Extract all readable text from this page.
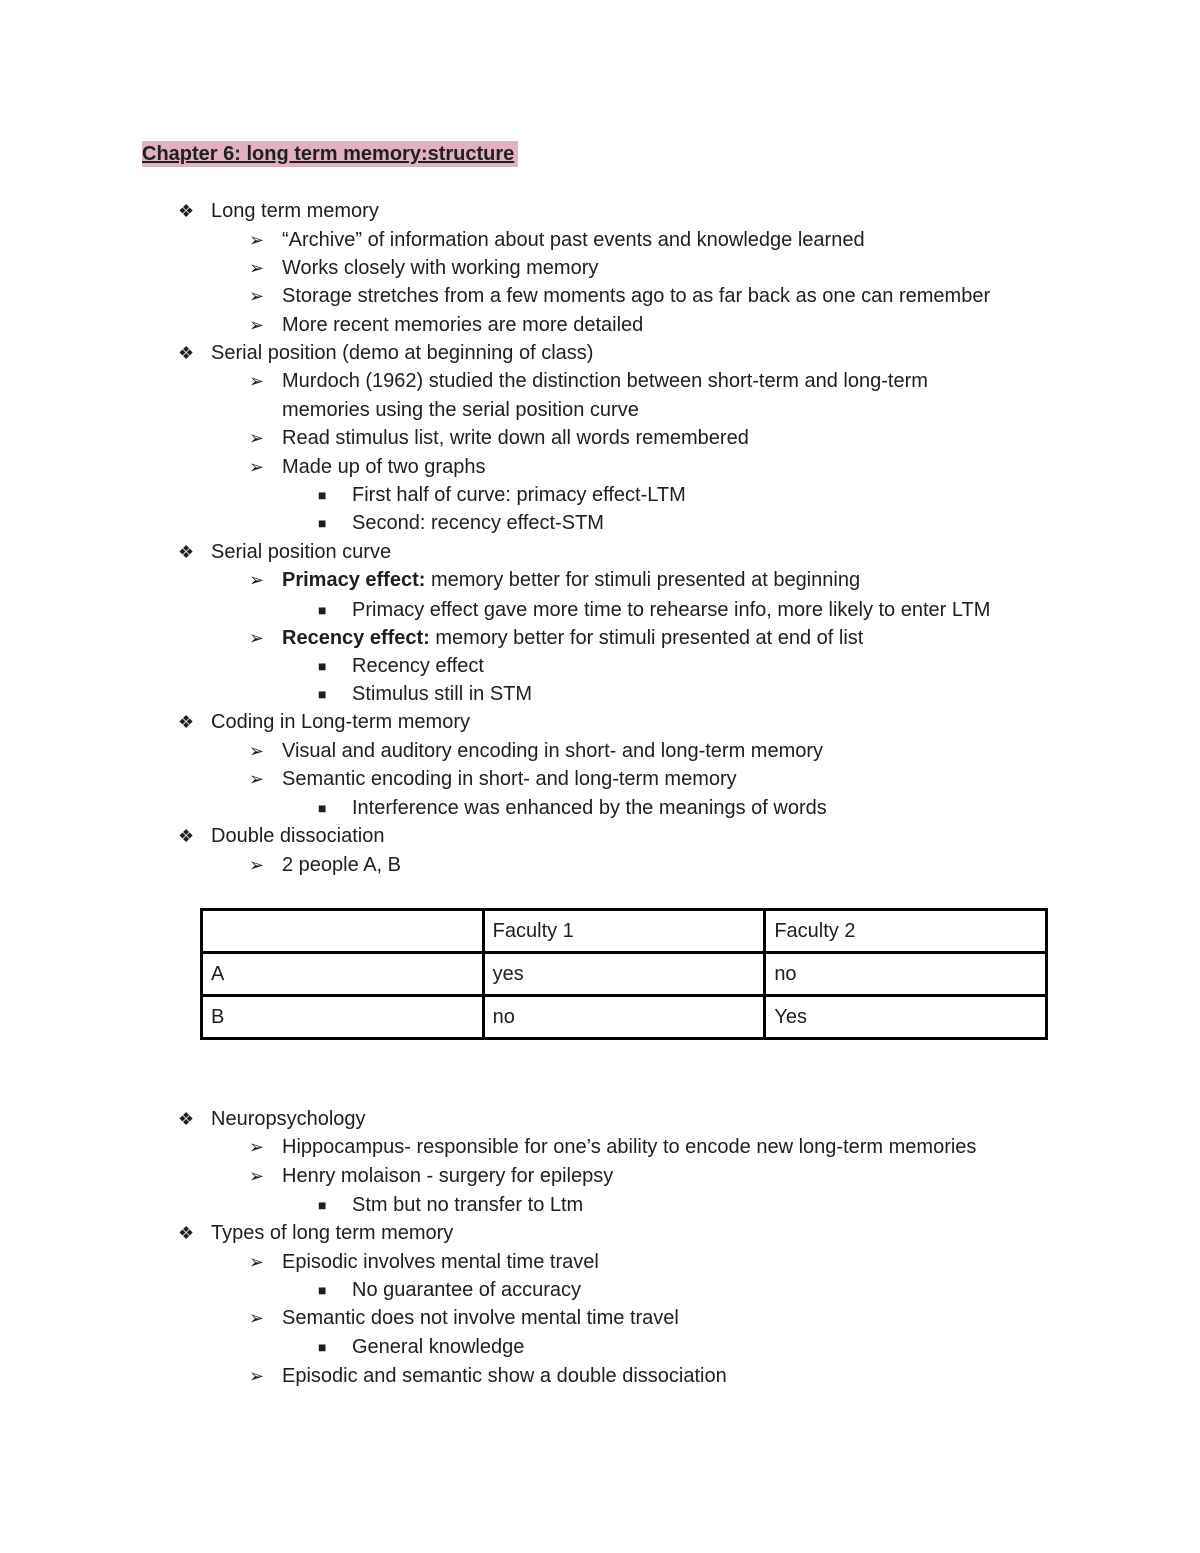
Chapter 6: long term memory:structure
❖ Long term memory
➢ “Archive” of information about past events and knowledge learned
➢ Works closely with working memory
➢ Storage stretches from a few moments ago to as far back as one can remember
➢ More recent memories are more detailed
❖ Serial position (demo at beginning of class)
➢ Murdoch (1962) studied the distinction between short-term and long-term
memories using the serial position curve
➢ Read stimulus list, write down all words remembered
➢ Made up of two graphs
■ First half of curve: primacy effect-LTM
■ Second: recency effect-STM
❖ Serial position curve
➢ Primacy effect: memory better for stimuli presented at beginning
■ Primacy effect gave more time to rehearse info, more likely to enter LTM
➢ Recency effect: memory better for stimuli presented at end of list
■ Recency effect
■ Stimulus still in STM
❖ Coding in Long-term memory
➢ Visual and auditory encoding in short- and long-term memory
➢ Semantic encoding in short- and long-term memory
■ Interference was enhanced by the meanings of words
❖ Double dissociation
➢ 2 people A, B
❖ Neuropsychology
➢ Hippocampus- responsible for one’s ability to encode new long-term memories
➢ Henry molaison - surgery for epilepsy
■ Stm but no transfer to Ltm
❖ Types of long term memory
➢ Episodic involves mental time travel
■ No guarantee of accuracy
➢ Semantic does not involve mental time travel
■ General knowledge
➢ Episodic and semantic show a double dissociation
	Faculty 1	Faculty 2
A	yes	no
B	no	Yes
